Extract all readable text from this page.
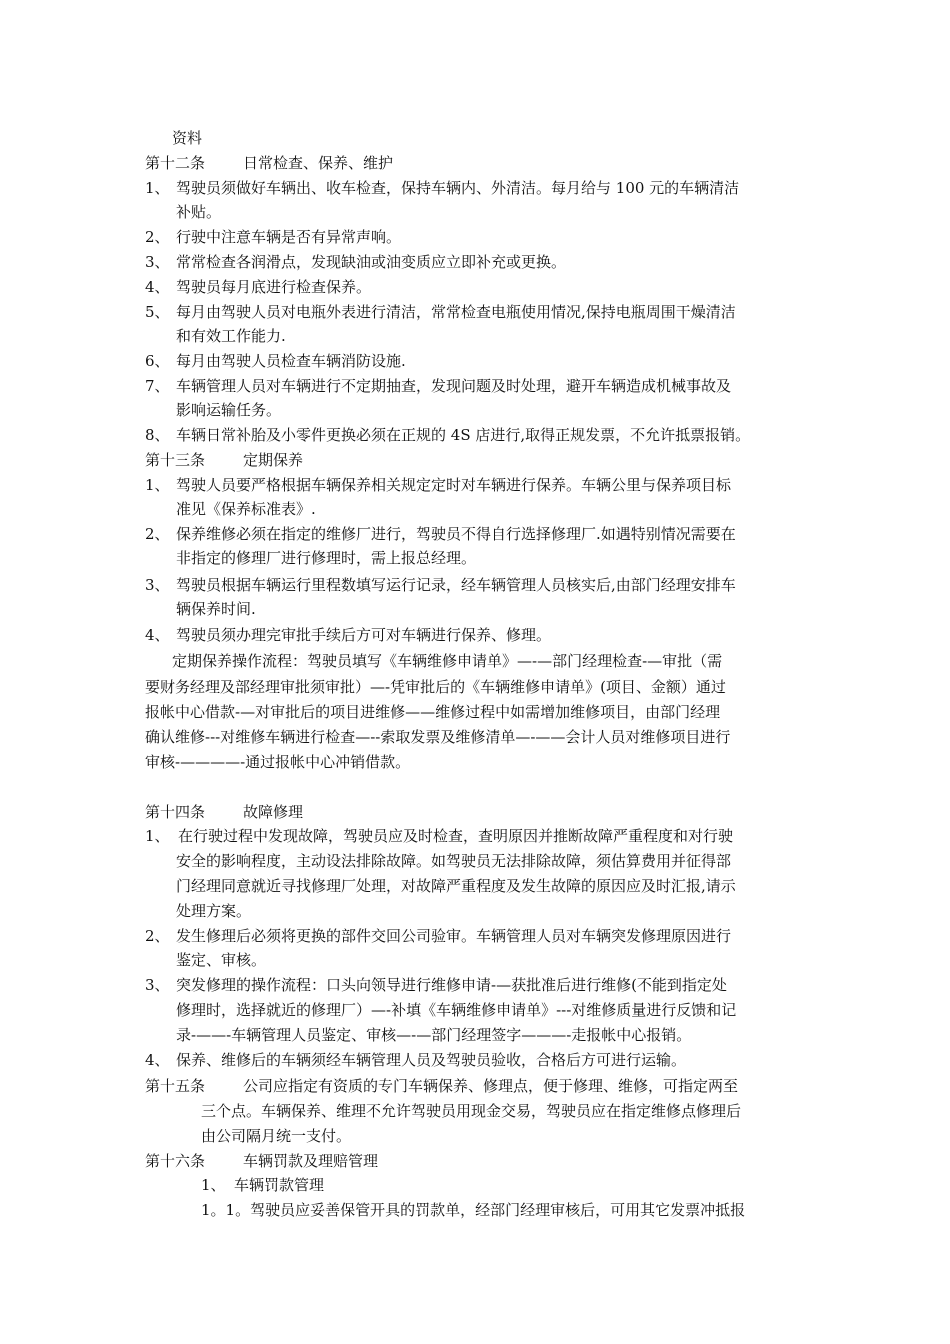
资料
第十二条	日常检查、保养、维护
1、 驾驶员须做好车辆出、收车检查，保持车辆内、外清洁。每月给与 100 元的车辆清洁
补贴。
2、 行驶中注意车辆是否有异常声响。
3、 常常检查各润滑点，发现缺油或油变质应立即补充或更换。
4、 驾驶员每月底进行检查保养。
5、 每月由驾驶人员对电瓶外表进行清洁，常常检查电瓶使用情况,保持电瓶周围干燥清洁
和有效工作能力.
6、 每月由驾驶人员检查车辆消防设施.
7、 车辆管理人员对车辆进行不定期抽查，发现问题及时处理，避开车辆造成机械事故及
影响运输任务。
8、 车辆日常补胎及小零件更换必须在正规的 4S 店进行,取得正规发票，不允许抵票报销。
第十三条	定期保养
1、 驾驶人员要严格根据车辆保养相关规定定时对车辆进行保养。车辆公里与保养项目标
准见《保养标准表》.
2、 保养维修必须在指定的维修厂进行，驾驶员不得自行选择修理厂.如遇特别情况需要在
非指定的修理厂进行修理时，需上报总经理。
3、 驾驶员根据车辆运行里程数填写运行记录，经车辆管理人员核实后,由部门经理安排车
辆保养时间.
4、 驾驶员须办理完审批手续后方可对车辆进行保养、修理。
定期保养操作流程：驾驶员填写《车辆维修申请单》—-—部门经理检查-—审批（需
要财务经理及部经理审批须审批）—-凭审批后的《车辆维修申请单》(项目、金额）通过
报帐中心借款-—对审批后的项目进维修——维修过程中如需增加维修项目，由部门经理
确认维修---对维修车辆进行检查—--索取发票及维修清单—-——会计人员对维修项目进行
审核-————-通过报帐中心冲销借款。
第十四条	故障修理
1、 在行驶过程中发现故障，驾驶员应及时检查，查明原因并推断故障严重程度和对行驶
安全的影响程度，主动设法排除故障。如驾驶员无法排除故障，须估算费用并征得部
门经理同意就近寻找修理厂处理，对故障严重程度及发生故障的原因应及时汇报,请示
处理方案。
2、 发生修理后必须将更换的部件交回公司验审。车辆管理人员对车辆突发修理原因进行
鉴定、审核。
3、 突发修理的操作流程：口头向领导进行维修申请-—获批准后进行维修(不能到指定处
修理时，选择就近的修理厂）—-补填《车辆维修申请单》---对维修质量进行反馈和记
录-——-车辆管理人员鉴定、审核—-—部门经理签字———-走报帐中心报销。
4、 保养、维修后的车辆须经车辆管理人员及驾驶员验收，合格后方可进行运输。
第十五条	公司应指定有资质的专门车辆保养、修理点，便于修理、维修，可指定两至
三个点。车辆保养、维理不允许驾驶员用现金交易，驾驶员应在指定维修点修理后
由公司隔月统一支付。
第十六条	车辆罚款及理赔管理
1、 车辆罚款管理
1。1。驾驶员应妥善保管开具的罚款单，经部门经理审核后，可用其它发票冲抵报
